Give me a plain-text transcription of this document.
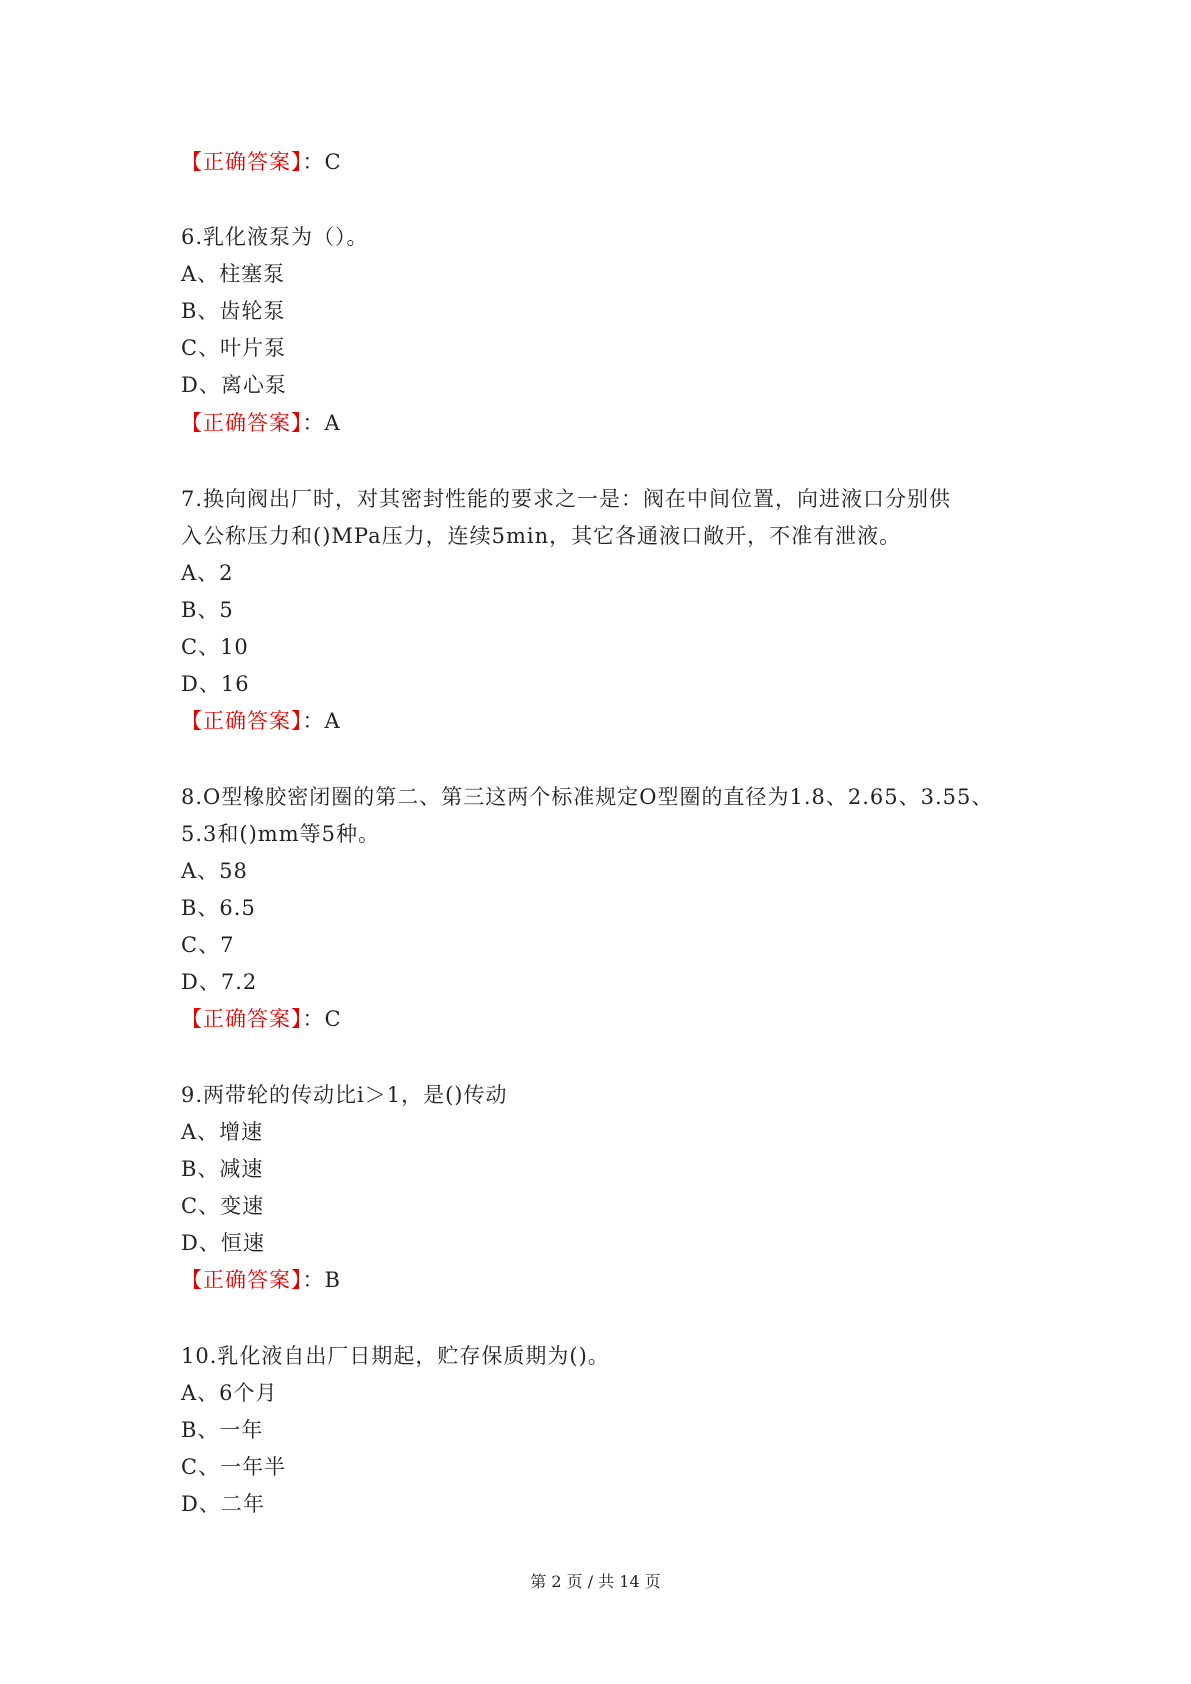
【正确答案】：C
6.乳化液泵为（）。
A、柱塞泵
B、齿轮泵
C、叶片泵
D、离心泵
【正确答案】：A
7.换向阀出厂时，对其密封性能的要求之一是：阀在中间位置，向进液口分别供
入公称压力和()MPa压力，连续5min，其它各通液口敞开，不准有泄液。
A、2
B、5
C、10
D、16
【正确答案】：A
8.O型橡胶密闭圈的第二、第三这两个标准规定O型圈的直径为1.8、2.65、3.55、
5.3和()mm等5种。
A、58
B、6.5
C、7
D、7.2
【正确答案】：C
9.两带轮的传动比i＞1，是()传动
A、增速
B、减速
C、变速
D、恒速
【正确答案】：B
10.乳化液自出厂日期起，贮存保质期为()。
A、6个月
B、一年
C、一年半
D、二年
第 2 页 / 共 14 页
